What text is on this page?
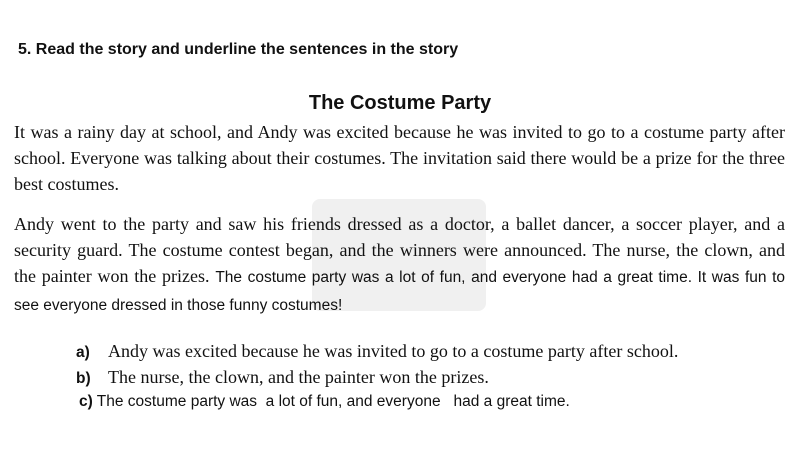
5. Read the story and underline the sentences in the story
The Costume Party
It was a rainy day at school, and Andy was excited because he was invited to go to a costume party after school. Everyone was talking about their costumes. The invitation said there would be a prize for the three best costumes.
Andy went to the party and saw his friends dressed as a doctor, a ballet dancer, a soccer player, and a security guard. The costume contest began, and the winners were announced. The nurse, the clown, and the painter won the prizes. The costume party was a lot of fun, and everyone had a great time. It was fun to see everyone dressed in those funny costumes!
a) Andy was excited because he was invited to go to a costume party after school.
b) The nurse, the clown, and the painter won the prizes.
c) The costume party was  a lot of fun, and everyone   had a great time.
